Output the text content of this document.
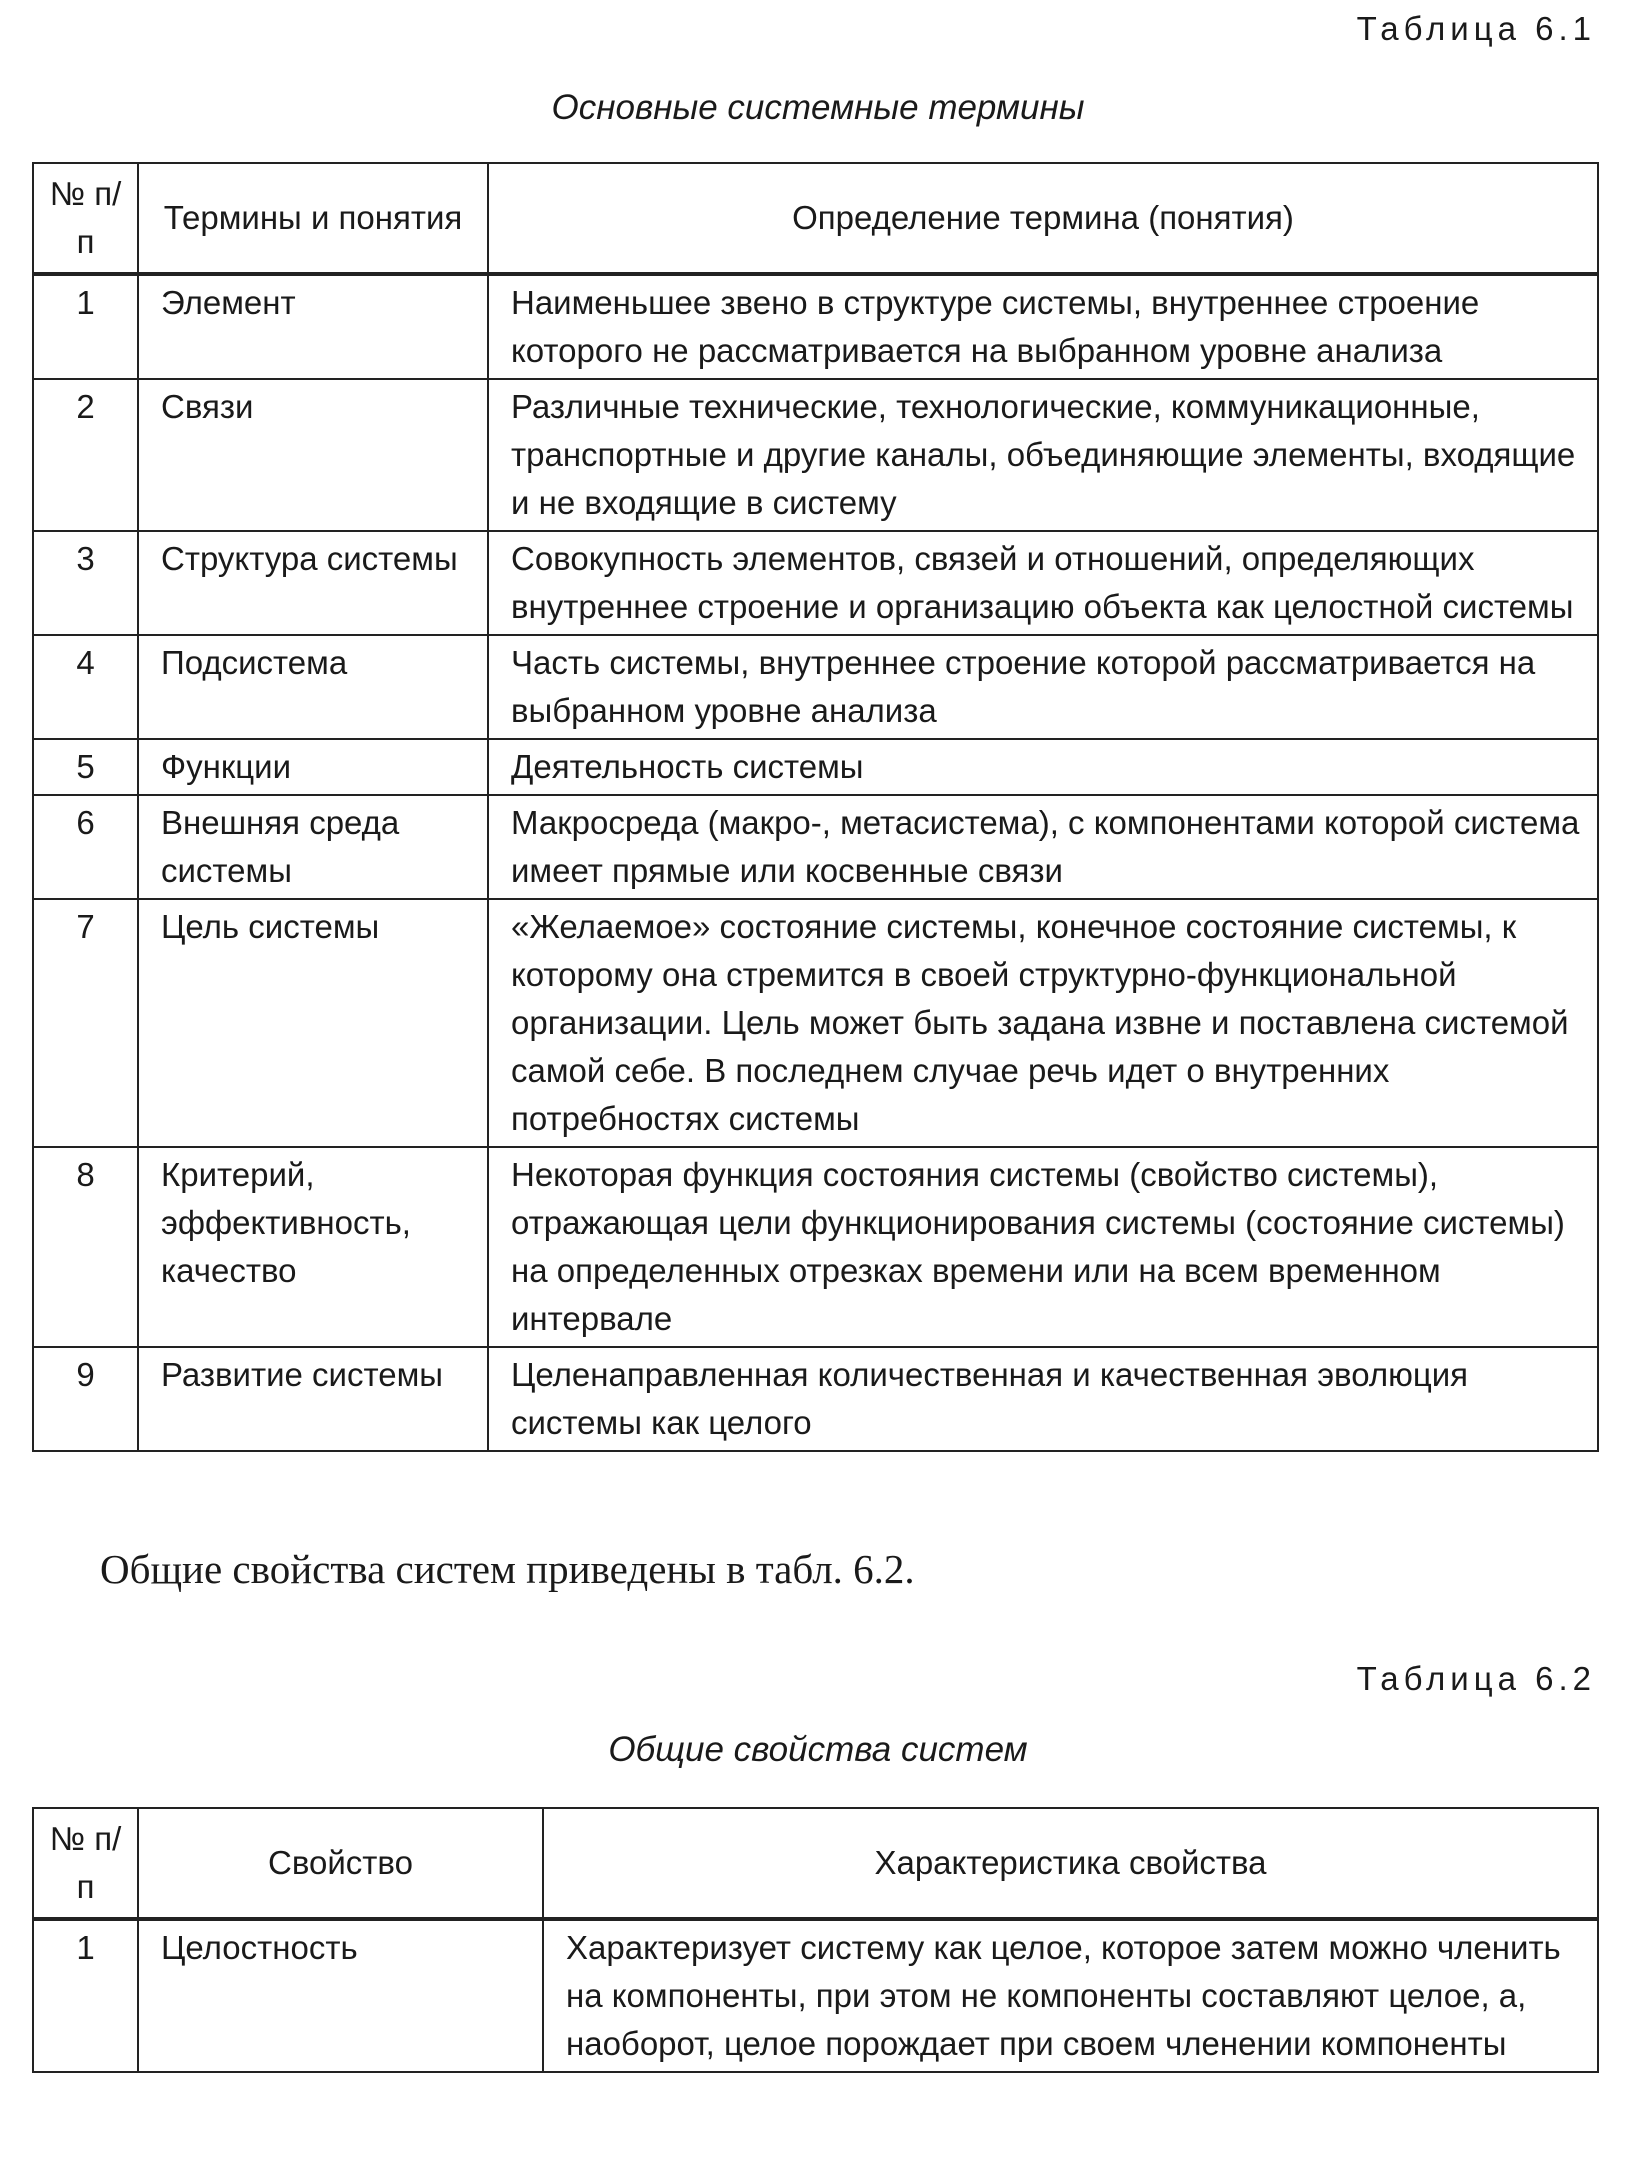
Таблица 6.1
Основные системные термины
№ п/п	Термины и понятия	Определение термина (понятия)
1	Элемент	Наименьшее звено в структуре системы, внутреннее строение которого не рассматривается на выбранном уровне анализа
2	Связи	Различные технические, технологические, коммуникационные, транспортные и другие каналы, объединяющие элементы, входящие и не входящие в систему
3	Структура системы	Совокупность элементов, связей и отношений, определяющих внутреннее строение и организацию объекта как целостной системы
4	Подсистема	Часть системы, внутреннее строение которой рассматривается на выбранном уровне анализа
5	Функции	Деятельность системы
6	Внешняя среда системы	Макросреда (макро-, метасистема), с компонентами которой система имеет прямые или косвенные связи
7	Цель системы	«Желаемое» состояние системы, конечное состояние системы, к которому она стремится в своей структурно-функциональной организации. Цель может быть задана извне и поставлена системой самой себе. В последнем случае речь идет о внутренних потребностях системы
8	Критерий, эффективность, качество	Некоторая функция состояния системы (свойство системы), отражающая цели функционирования системы (состояние системы) на определенных отрезках времени или на всем временном интервале
9	Развитие системы	Целенаправленная количественная и качественная эволюция системы как целого
Общие свойства систем приведены в табл. 6.2.
Таблица 6.2
Общие свойства систем
№ п/п	Свойство	Характеристика свойства
1	Целостность	Характеризует систему как целое, которое затем можно членить на компоненты, при этом не компоненты составляют целое, а, наоборот, целое порождает при своем членении компоненты
